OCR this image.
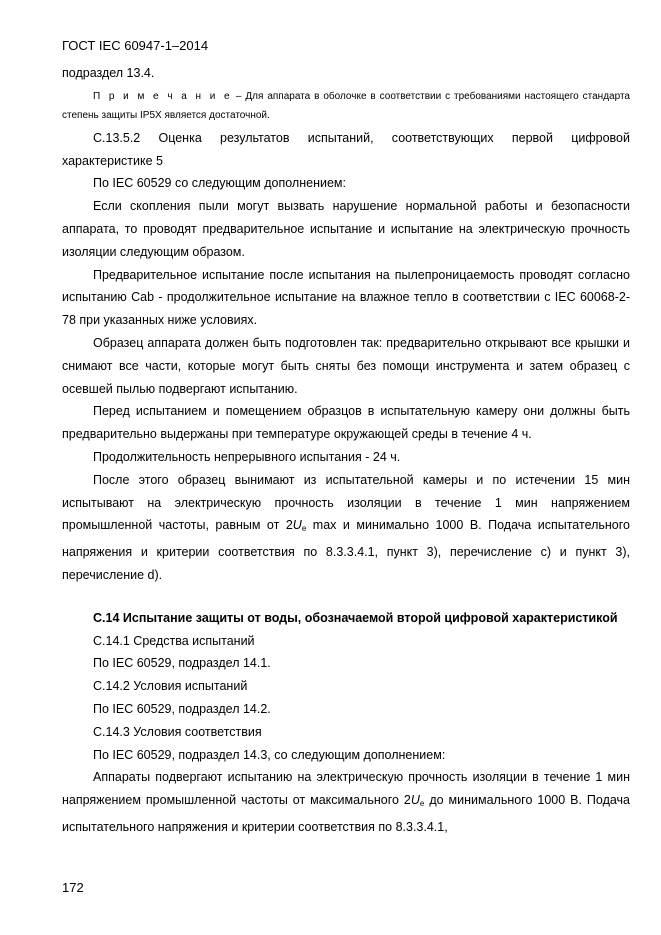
ГОСТ IEC 60947-1–2014

подраздел 13.4.

П р и м е ч а н и е – Для аппарата в оболочке в соответствии с требованиями настоящего стандарта степень защиты IP5X является достаточной.

С.13.5.2 Оценка результатов испытаний, соответствующих первой цифровой характеристике 5

По IEC 60529 со следующим дополнением:

Если скопления пыли могут вызвать нарушение нормальной работы и безопасности аппарата, то проводят предварительное испытание и испытание на электрическую прочность изоляции следующим образом.

Предварительное испытание после испытания на пылепроницаемость проводят согласно испытанию Cab - продолжительное испытание на влажное тепло в соответствии с IEC 60068-2-78 при указанных ниже условиях.

Образец аппарата должен быть подготовлен так: предварительно открывают все крышки и снимают все части, которые могут быть сняты без помощи инструмента и затем образец с осевшей пылью подвергают испытанию.

Перед испытанием и помещением образцов в испытательную камеру они должны быть предварительно выдержаны при температуре окружающей среды в течение 4 ч.

Продолжительность непрерывного испытания - 24 ч.

После этого образец вынимают из испытательной камеры и по истечении 15 мин испытывают на электрическую прочность изоляции в течение 1 мин напряжением промышленной частоты, равным от $2U_e$ max и минимально 1000 В. Подача испытательного напряжения и критерии соответствия по 8.3.3.4.1, пункт 3), перечисление c) и пункт 3), перечисление d).

С.14 Испытание защиты от воды, обозначаемой второй цифровой характеристикой

С.14.1 Средства испытаний

По IEC 60529, подраздел 14.1.

С.14.2 Условия испытаний

По IEC 60529, подраздел 14.2.

С.14.3 Условия соответствия

По IEC 60529, подраздел 14.3, со следующим дополнением:

Аппараты подвергают испытанию на электрическую прочность изоляции в течение 1 мин напряжением промышленной частоты от максимального $2U_e$ до минимального 1000 В. Подача испытательного напряжения и критерии соответствия по 8.3.3.4.1,

172
